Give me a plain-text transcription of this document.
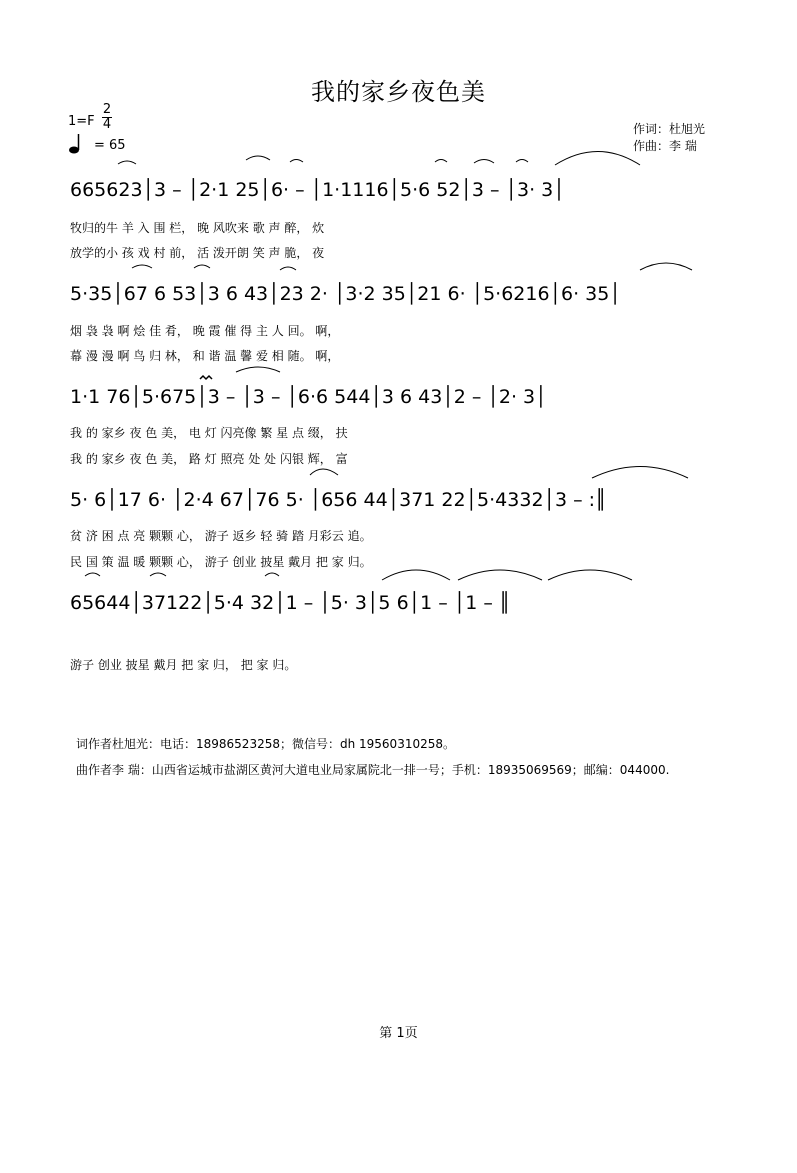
我的家乡夜色美
1=F
2
4
= 65
作词：杜旭光
作曲：李 瑞
665623│3 – │2·1 25│6· – │1·1116│5·6 52│3 – │3· 3│
牧归的牛 羊 入 围 栏， 晚 风吹来 歌 声 醉， 炊
放学的小 孩 戏 村 前， 活 泼开朗 笑 声 脆， 夜
5·35│67 6 53│3 6 43│23 2· │3·2 35│21 6· │5·6216│6· 35│
烟 袅 袅 啊 烩 佳 肴， 晚 霞 催 得 主 人 回。 啊，
幕 漫 漫 啊 鸟 归 林， 和 谐 温 馨 爱 相 随。 啊，
1·1 76│5·675│3 – │3 – │6·6 544│3 6 43│2 – │2· 3│
我 的 家乡 夜 色 美， 电 灯 闪亮像 繁 星 点 缀， 扶
我 的 家乡 夜 色 美， 路 灯 照亮 处 处 闪银 辉， 富
5· 6│17 6· │2·4 67│76 5· │656 44│371 22│5·4332│3 – :║
贫 济 困 点 亮 颗颗 心， 游子 返乡 轻 骑 踏 月彩云 追。
民 国 策 温 暖 颗颗 心， 游子 创业 披星 戴月 把 家 归。
65644│37122│5·4 32│1 – │5· 3│5 6│1 – │1 – ║
游子 创业 披星 戴月 把 家 归， 把 家 归。
词作者杜旭光：电话：18986523258；微信号：dh 19560310258。
曲作者李 瑞：山西省运城市盐湖区黄河大道电业局家属院北一排一号；手机：18935069569；邮编：044000.
第 1页
